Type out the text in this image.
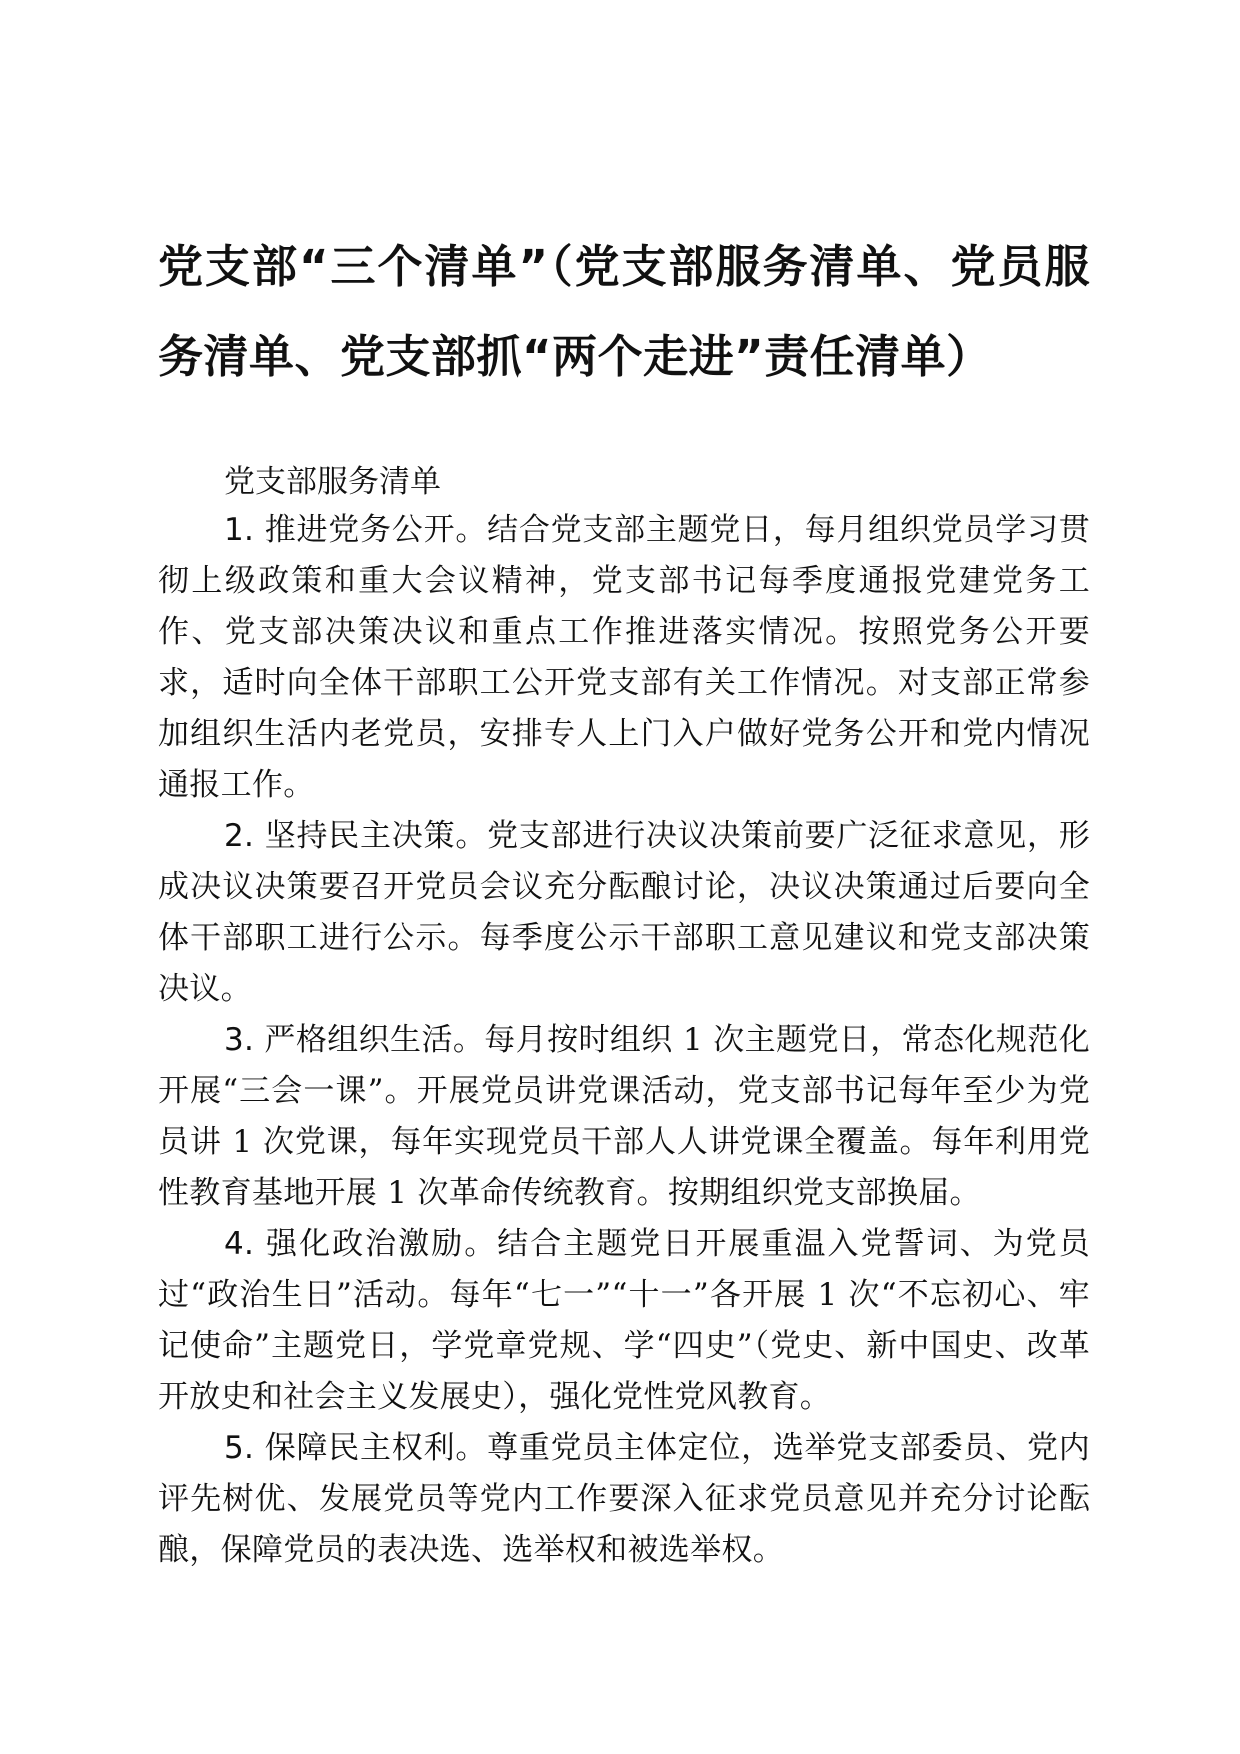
党支部“三个清单”（党支部服务清单、党员服务清单、党支部抓“两个走进”责任清单）

党支部服务清单

1. 推进党务公开。结合党支部主题党日，每月组织党员学习贯彻上级政策和重大会议精神，党支部书记每季度通报党建党务工作、党支部决策决议和重点工作推进落实情况。按照党务公开要求，适时向全体干部职工公开党支部有关工作情况。对支部正常参加组织生活内老党员，安排专人上门入户做好党务公开和党内情况通报工作。

2. 坚持民主决策。党支部进行决议决策前要广泛征求意见，形成决议决策要召开党员会议充分酝酿讨论，决议决策通过后要向全体干部职工进行公示。每季度公示干部职工意见建议和党支部决策决议。

3. 严格组织生活。每月按时组织 1 次主题党日，常态化规范化开展“三会一课”。开展党员讲党课活动，党支部书记每年至少为党员讲 1 次党课，每年实现党员干部人人讲党课全覆盖。每年利用党性教育基地开展 1 次革命传统教育。按期组织党支部换届。

4. 强化政治激励。结合主题党日开展重温入党誓词、为党员过“政治生日”活动。每年“七一”“十一”各开展 1 次“不忘初心、牢记使命”主题党日，学党章党规、学“四史”（党史、新中国史、改革开放史和社会主义发展史），强化党性党风教育。

5. 保障民主权利。尊重党员主体定位，选举党支部委员、党内评先树优、发展党员等党内工作要深入征求党员意见并充分讨论酝酿，保障党员的表决选、选举权和被选举权。
